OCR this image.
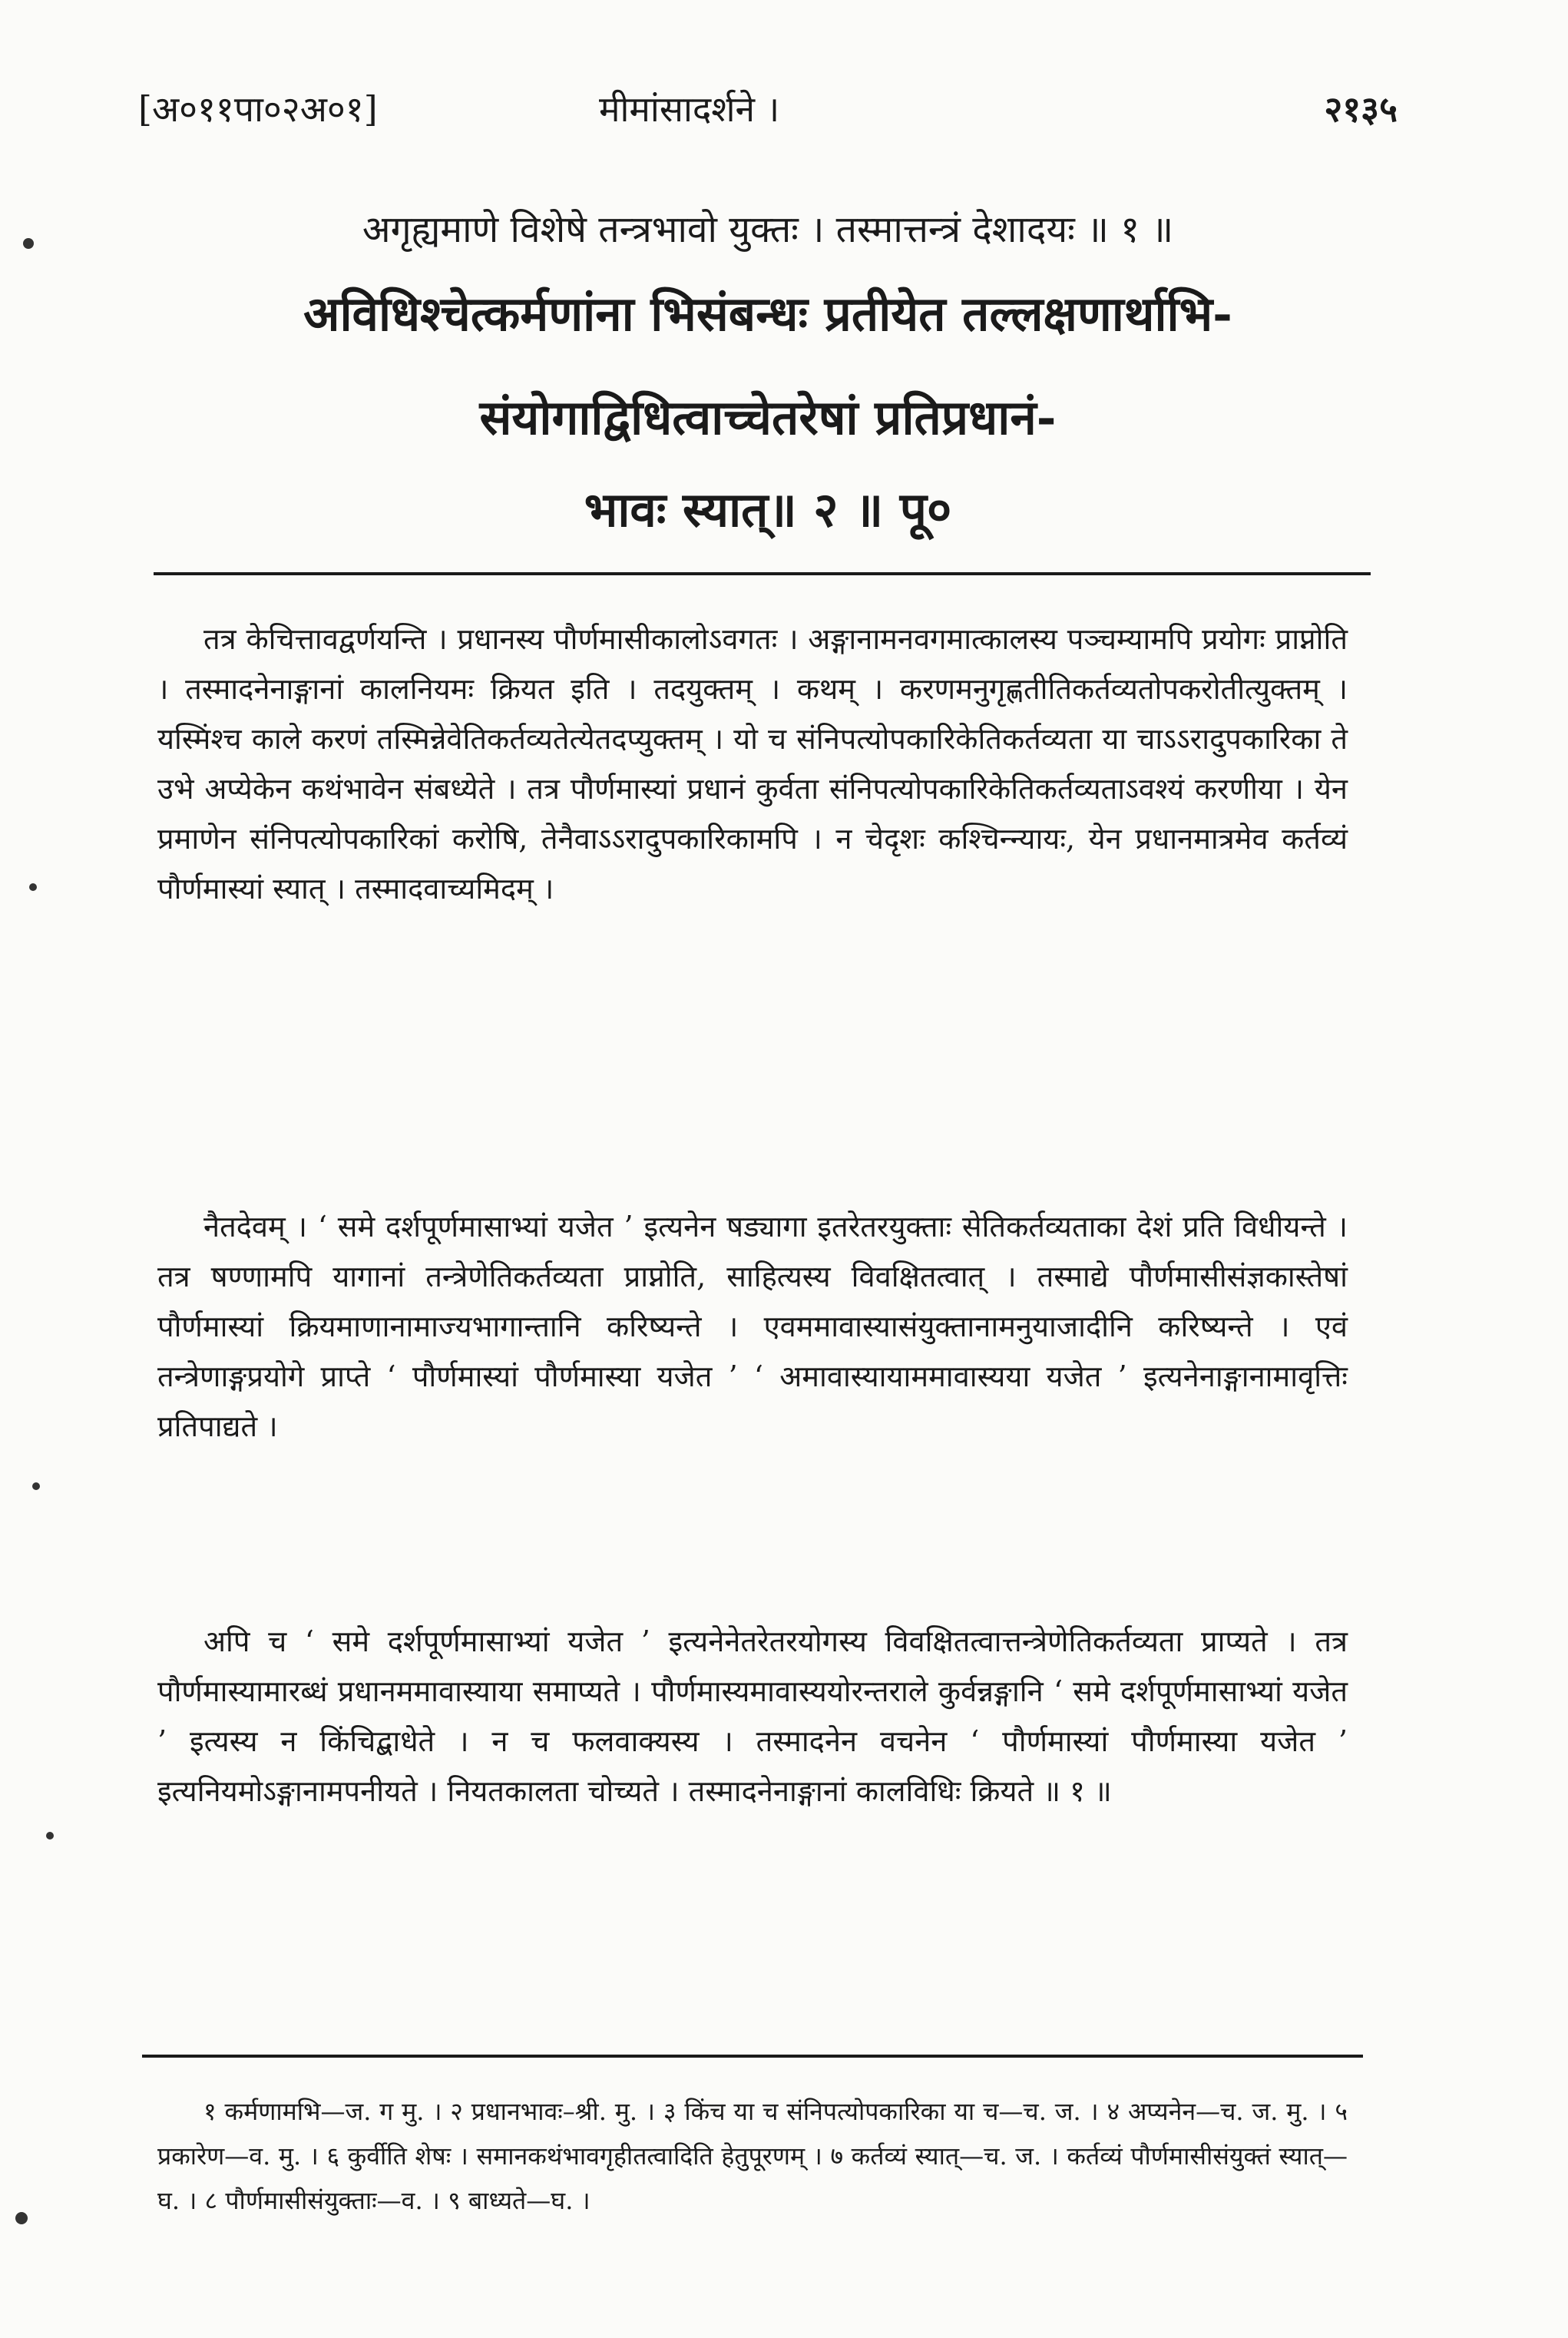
[अ०११पा०२अ०१]	मीमांसादर्शने ।	२१३५
अगृह्यमाणे विशेषे तन्त्रभावो युक्तः । तस्मात्तन्त्रं देशादयः ॥ १ ॥
अविधिश्चेत्कर्मणांना भिसंबन्धः प्रतीयेत तल्लक्षणार्थाभि-
संयोगाद्विधित्वाच्चेतरेषां प्रतिप्रधानं-
भावः स्यात्॥ २ ॥ पू०

तत्र केचित्तावद्वर्णयन्ति । प्रधानस्य पौर्णमासीकालोऽवगतः । अङ्गानामनवगमात्कालस्य पञ्चम्यामपि प्रयोगः प्राप्नोति । तस्मादनेनाङ्गानां कालनियमः क्रियत इति । तदयुक्तम् । कथम् । करणमनुगृह्णतीतिकर्तव्यतोपकरोतीत्युक्तम् । यस्मिंश्च काले करणं तस्मिन्नेवेतिकर्तव्यतेत्येतदप्युक्तम् । यो च संनिपत्योपकारिकेतिकर्तव्यता या चाऽऽरादुपकारिका ते उभे अप्येकेन कथंभावेन संबध्येते । तत्र पौर्णमास्यां प्रधानं कुर्वता संनिपत्योपकारिकेतिकर्तव्यताऽवश्यं करणीया । येन प्रमाणेन संनिपत्योपकारिकां करोषि, तेनैवाऽऽरादुपकारिकामपि । न चेदृशः कश्चिन्न्यायः, येन प्रधानमात्रमेव कर्तव्यं पौर्णमास्यां स्यात् । तस्मादवाच्यमिदम् ।

नैतदेवम् । ‘ समे दर्शपूर्णमासाभ्यां यजेत ’ इत्यनेन षड्यागा इतरेतरयुक्ताः सेतिकर्तव्यताका देशं प्रति विधीयन्ते । तत्र षण्णामपि यागानां तन्त्रेणेतिकर्तव्यता प्राप्नोति, साहित्यस्य विवक्षितत्वात् । तस्माद्ये पौर्णमासीसंज्ञकास्तेषां पौर्णमास्यां क्रियमाणानामाज्यभागान्तानि करिष्यन्ते । एवममावास्यासंयुक्तानामनुयाजादीनि करिष्यन्ते । एवं तन्त्रेणाङ्गप्रयोगे प्राप्ते ‘ पौर्णमास्यां पौर्णमास्या यजेत ’ ‘ अमावास्यायाममावास्यया यजेत ’ इत्यनेनाङ्गानामावृत्तिः प्रतिपाद्यते ।

अपि च ‘ समे दर्शपूर्णमासाभ्यां यजेत ’ इत्यनेनेतरेतरयोगस्य विवक्षितत्वात्तन्त्रेणेतिकर्तव्यता प्राप्यते । तत्र पौर्णमास्यामारब्धं प्रधानममावास्याया समाप्यते । पौर्णमास्यमावास्ययोरन्तराले कुर्वन्नङ्गानि ‘ समे दर्शपूर्णमासाभ्यां यजेत ’ इत्यस्य न किंचिद्बाधेते । न च फलवाक्यस्य । तस्मादनेन वचनेन ‘ पौर्णमास्यां पौर्णमास्या यजेत ’ इत्यनियमोऽङ्गानामपनीयते । नियतकालता चोच्यते । तस्मादनेनाङ्गानां कालविधिः क्रियते ॥ १ ॥

१ कर्मणामभि—ज. ग मु. । २ प्रधानभावः–श्री. मु. । ३ किंच या च संनिपत्योपकारिका या च—च. ज. । ४ अप्यनेन—च. ज. मु. । ५ प्रकारेण—व. मु. । ६ कुर्वीति शेषः । समानकथंभावगृहीतत्वादिति हेतुपूरणम् । ७ कर्तव्यं स्यात्—च. ज. । कर्तव्यं पौर्णमासीसंयुक्तं स्यात्—घ. । ८ पौर्णमासीसंयुक्ताः—व. । ९ बाध्यते—घ. ।
